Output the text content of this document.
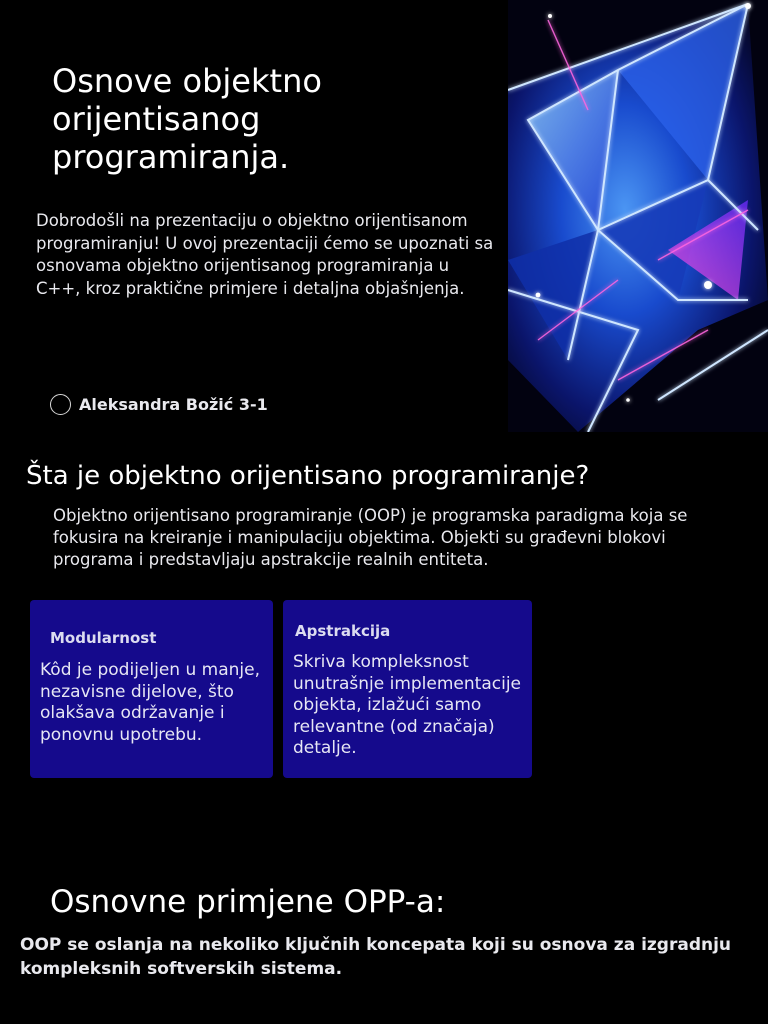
Osnove objektno orijentisanog programiranja.

Dobrodošli na prezentaciju o objektno orijentisanom programiranju! U ovoj prezentaciji ćemo se upoznati sa osnovama objektno orijentisanog programiranja u C++, kroz praktične primjere i detaljna objašnjenja.

Aleksandra Božić 3-1
Šta je objektno orijentisano programiranje?

Objektno orijentisano programiranje (OOP) je programska paradigma koja se fokusira na kreiranje i manipulaciju objektima. Objekti su građevni blokovi programa i predstavljaju apstrakcije realnih entiteta.

Modularnost

Kôd je podijeljen u manje, nezavisne dijelove, što olakšava održavanje i ponovnu upotrebu.

Apstrakcija

Skriva kompleksnost unutrašnje implementacije objekta, izlažući samo relevantne (od značaja) detalje.

Osnovne primjene OPP-a:

OOP se oslanja na nekoliko ključnih koncepata koji su osnova za izgradnju kompleksnih softverskih sistema.
